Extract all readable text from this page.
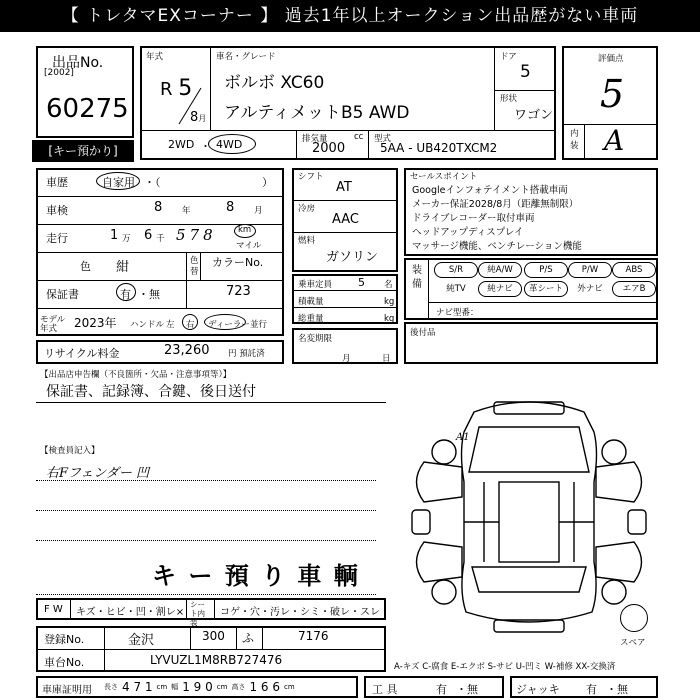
【 トレタマEXコーナー 】 過去1年以上オークション出品歴がない車両
出品No.
[2002]
60275
[キー預かり]
年式
R 5
8月
車名・グレード
ボルボ XC60
アルティメットB5 AWD
ドア
5
形状
ワゴン
2WD ・ 4WD	排気量
2000
cc 型式
5AA - UB420TXCM2
評価点
5
内装 A
車歴	自家用 ・（	）
車検	8 年	8 月
走行	1 万 6 千 578	km
マイル
色 紺	色替
カラーNo.
723
保証書	有 ・無
モデル年式	2023年 ハンドル 左 右 ディーラー 並行
リサイクル料金	23,260 円 預託済
シフト
AT
冷房
AAC
燃料
ガソリン
乗車定員 5 名
積載量	kg
総重量	kg
名変期限
月	日
セールスポイント
Googleインフォテイメント搭載車両
メーカー保証2028/8月（距離無制限）
ドライブレコーダー取付車両
ヘッドアップディスプレイ
マッサージ機能、ベンチレーション機能
装備
S/R	純A/W	P/S	P/W	ABS
純TV	純ナビ	革シート	外ナビ	エアB
ナビ型番：
後付品
【出品店申告欄（不良箇所・欠品・注意事項等）】
保証書、記録簿、合鍵、後日送付
【検査員記入】
右Fフェンダー 凹
キ ー 預 り 車 輌
A1
スペア
F W キズ・ヒビ・凹・割レ×
シート内装
コゲ・穴・汚レ・シミ・破レ・スレ
登録No.	金沢	300 ふ	7176
車台No.	LYVUZL1M8RB727476	A-キズ C-腐食 E-エクボ S-サビ U-凹ミ W-補修 XX-交換済
車庫証明用 長さ 4 7 1 cm 幅 1 9 0 cm 高さ 1 6 6 cm	工 具	有 ・無	ジャッキ 有 ・無
